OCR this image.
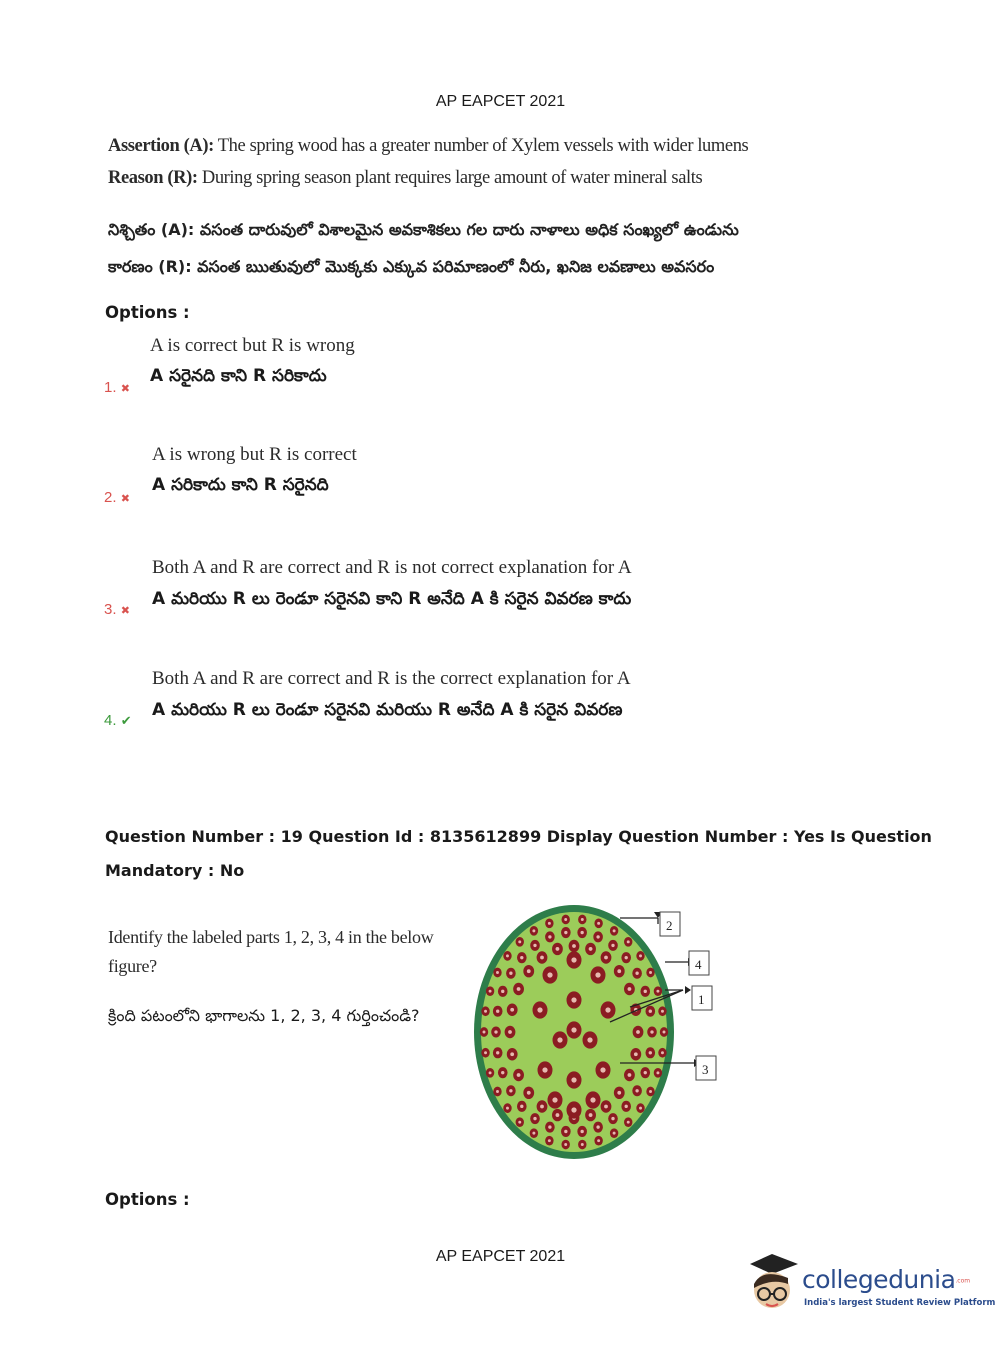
AP EAPCET 2021
Assertion (A): The spring wood has a greater number of Xylem vessels with wider lumens
Reason (R): During spring season plant requires large amount of water mineral salts
నిశ్చితం (A): వసంత దారువులో విశాలమైన అవకాశికలు గల దారు నాళాలు అధిక సంఖ్యలో ఉండును
కారణం (R): వసంత ఋతువులో మొక్కకు ఎక్కువ పరిమాణంలో నీరు, ఖనిజ లవణాలు అవసరం
Options :
A is correct but R is wrong
A సరైనది కాని R సరికాదు
1. ✖
A is wrong but R is correct
A సరికాదు కాని R సరైనది
2. ✖
Both A and R are correct and R is not correct explanation for A
A మరియు R లు రెండూ సరైనవి కాని R అనేది A కి సరైన వివరణ కాదు
3. ✖
Both A and R are correct and R is the correct explanation for A
A మరియు R లు రెండూ సరైనవి మరియు R అనేది A కి సరైన వివరణ
4. ✔
Question Number : 19 Question Id : 8135612899 Display Question Number : Yes Is Question
Mandatory : No
Identify the labeled parts 1, 2, 3, 4 in the below figure?
క్రింది పటంలోని భాగాలను 1, 2, 3, 4 గుర్తించండి?
2
4
1
3
Options :
AP EAPCET 2021
collegedunia.com
India's largest Student Review Platform
